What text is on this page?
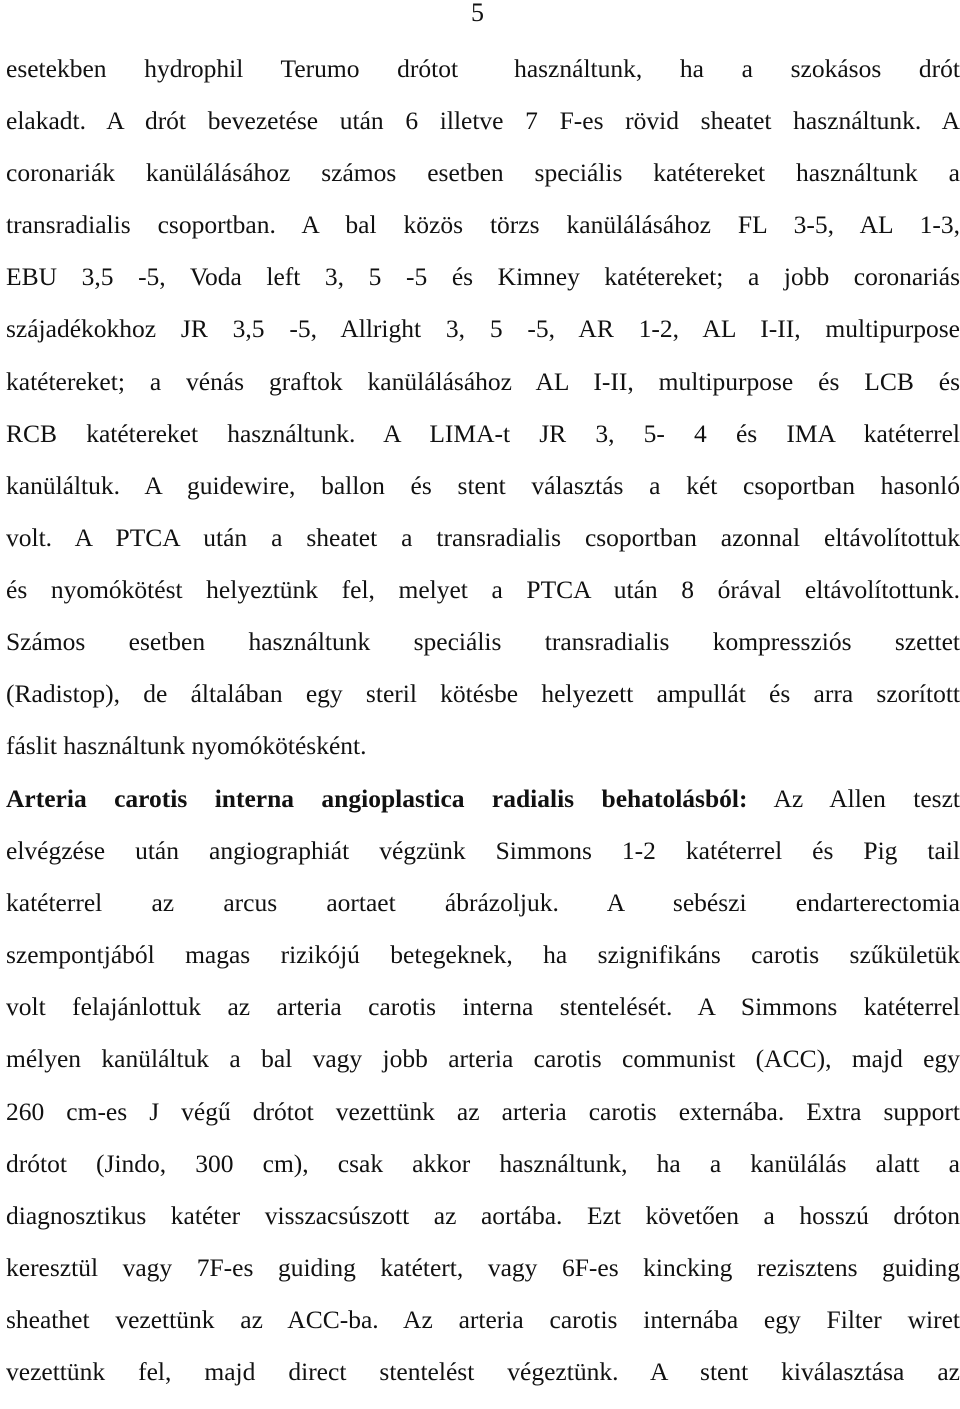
5
esetekben hydrophil Terumo drótot használtunk, ha a szokásos drót
elakadt. A drót bevezetése után 6 illetve 7 F-es rövid sheatet használtunk. A
coronariák kanülálásához számos esetben speciális katétereket használtunk a
transradialis csoportban. A bal közös törzs kanülálásához FL 3-5, AL 1-3,
EBU 3,5 -5, Voda left 3, 5 -5 és Kimney katétereket; a jobb coronariás
szájadékokhoz JR 3,5 -5, Allright 3, 5 -5, AR 1-2, AL I-II, multipurpose
katétereket; a vénás graftok kanülálásához AL I-II, multipurpose és LCB és
RCB katétereket használtunk. A LIMA-t JR 3, 5- 4 és IMA katéterrel
kanüláltuk. A guidewire, ballon és stent választás a két csoportban hasonló
volt. A PTCA után a sheatet a transradialis csoportban azonnal eltávolítottuk
és nyomókötést helyeztünk fel, melyet a PTCA után 8 órával eltávolítottunk.
Számos esetben használtunk speciális transradialis kompressziós szettet
(Radistop), de általában egy steril kötésbe helyezett ampullát és arra szorított
fáslit használtunk nyomókötésként.
Arteria carotis interna angioplastica radialis behatolásból: Az Allen teszt
elvégzése után angiographiát végzünk Simmons 1-2 katéterrel és Pig tail
katéterrel az arcus aortaet ábrázoljuk. A sebészi endarterectomia
szempontjából magas rizikójú betegeknek, ha szignifikáns carotis szűkületük
volt felajánlottuk az arteria carotis interna stentelését. A Simmons katéterrel
mélyen kanüláltuk a bal vagy jobb arteria carotis communist (ACC), majd egy
260 cm-es J végű drótot vezettünk az arteria carotis externába. Extra support
drótot (Jindo, 300 cm), csak akkor használtunk, ha a kanülálás alatt a
diagnosztikus katéter visszacsúszott az aortába. Ezt követően a hosszú dróton
keresztül vagy 7F-es guiding katétert, vagy 6F-es kincking rezisztens guiding
sheathet vezettünk az ACC-ba. Az arteria carotis internába egy Filter wiret
vezettünk fel, majd direct stentelést végeztünk. A stent kiválasztása az
